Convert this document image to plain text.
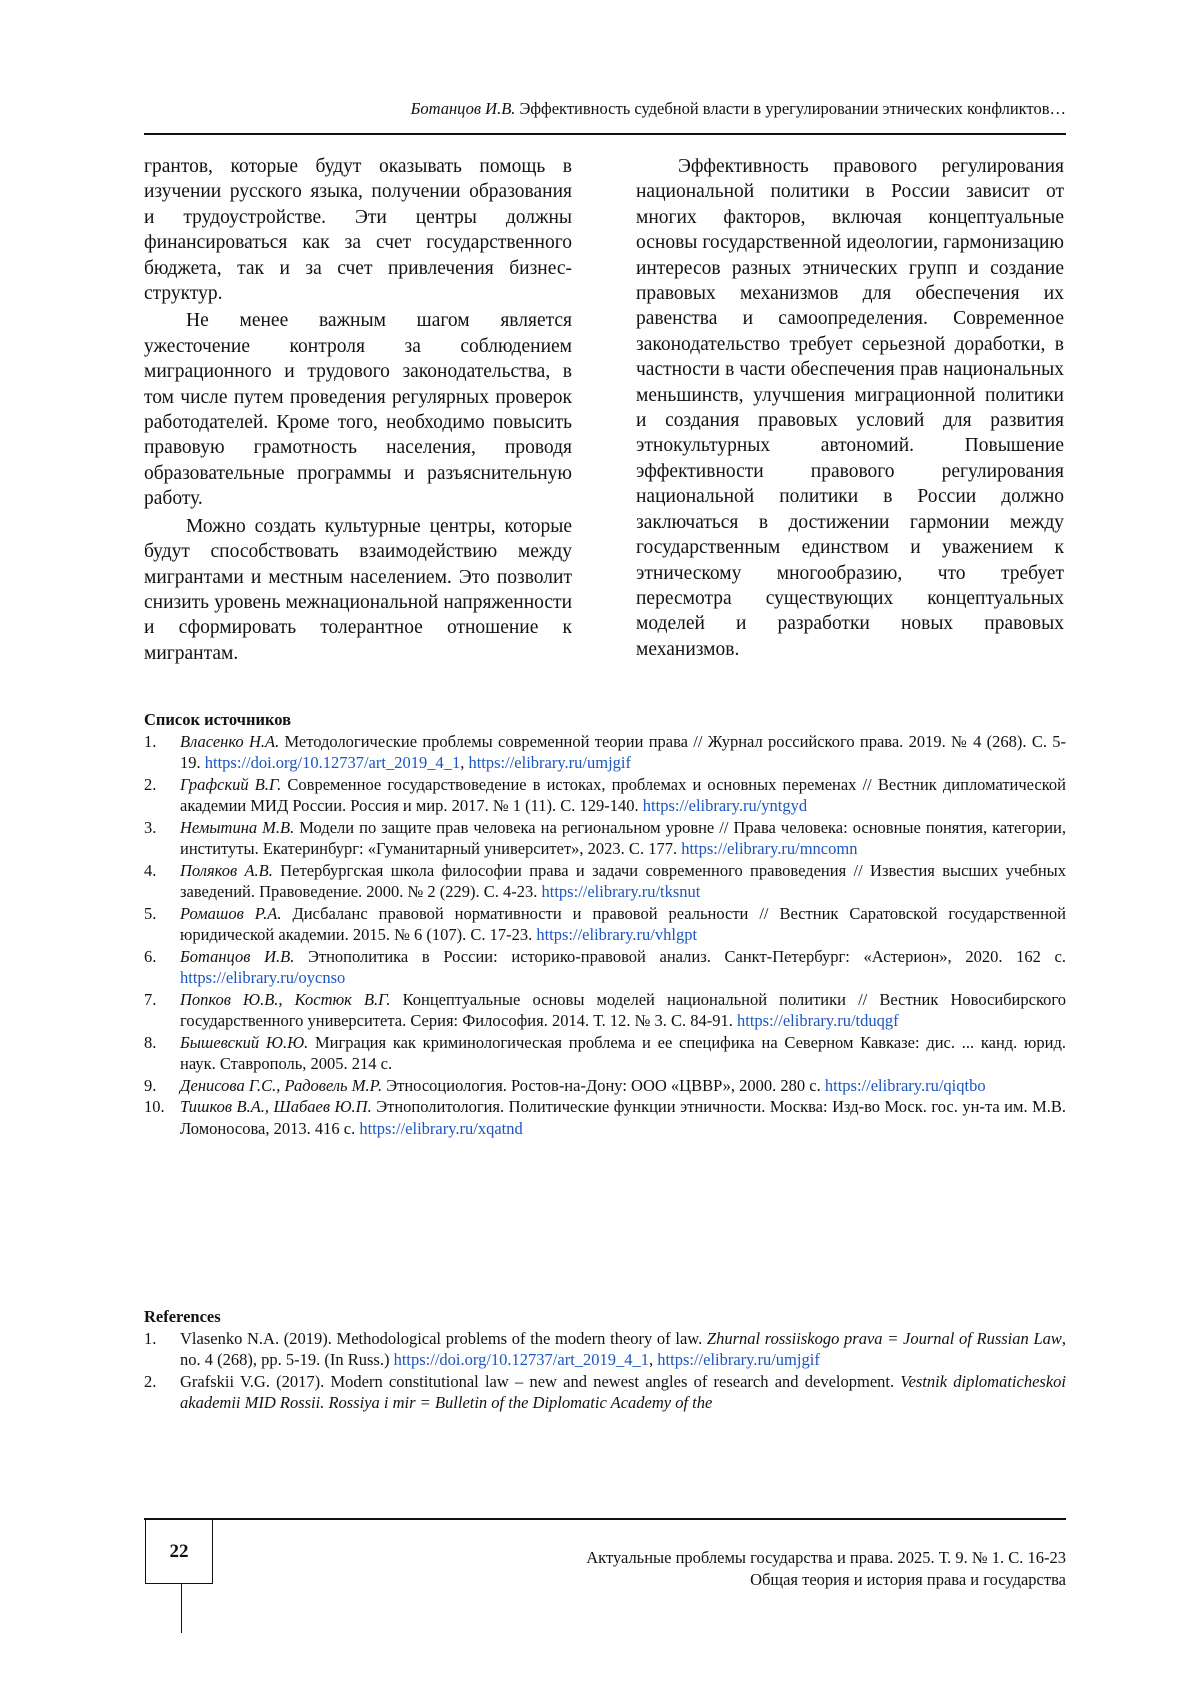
Ботанцов И.В. Эффективность судебной власти в урегулировании этнических конфликтов…

грантов, которые будут оказывать помощь в изучении русского языка, получении образования и трудоустройстве. Эти центры должны финансироваться как за счет государственного бюджета, так и за счет привлечения бизнес-структур.

Не менее важным шагом является ужесточение контроля за соблюдением миграционного и трудового законодательства, в том числе путем проведения регулярных проверок работодателей. Кроме того, необходимо повысить правовую грамотность населения, проводя образовательные программы и разъяснительную работу.

Можно создать культурные центры, которые будут способствовать взаимодействию между мигрантами и местным населением. Это позволит снизить уровень межнациональной напряженности и сформировать толерантное отношение к мигрантам.

Эффективность правового регулирования национальной политики в России зависит от многих факторов, включая концептуальные основы государственной идеологии, гармонизацию интересов разных этнических групп и создание правовых механизмов для обеспечения их равенства и самоопределения. Современное законодательство требует серьезной доработки, в частности в части обеспечения прав национальных меньшинств, улучшения миграционной политики и создания правовых условий для развития этнокультурных автономий. Повышение эффективности правового регулирования национальной политики в России должно заключаться в достижении гармонии между государственным единством и уважением к этническому многообразию, что требует пересмотра существующих концептуальных моделей и разработки новых правовых механизмов.

Список источников

1. Власенко Н.А. Методологические проблемы современной теории права // Журнал российского права. 2019. № 4 (268). С. 5-19. https://doi.org/10.12737/art_2019_4_1, https://elibrary.ru/umjgif
2. Графский В.Г. Современное государствоведение в истоках, проблемах и основных переменах // Вестник дипломатической академии МИД России. Россия и мир. 2017. № 1 (11). С. 129-140. https://elibrary.ru/yntgyd
3. Немытина М.В. Модели по защите прав человека на региональном уровне // Права человека: основные понятия, категории, институты. Екатеринбург: «Гуманитарный университет», 2023. С. 177. https://elibrary.ru/mncomn
4. Поляков А.В. Петербургская школа философии права и задачи современного правоведения // Известия высших учебных заведений. Правоведение. 2000. № 2 (229). С. 4-23. https://elibrary.ru/tksnut
5. Ромашов Р.А. Дисбаланс правовой нормативности и правовой реальности // Вестник Саратовской государственной юридической академии. 2015. № 6 (107). С. 17-23. https://elibrary.ru/vhlgpt
6. Ботанцов И.В. Этнополитика в России: историко-правовой анализ. Санкт-Петербург: «Астерион», 2020. 162 с. https://elibrary.ru/oycnso
7. Попков Ю.В., Костюк В.Г. Концептуальные основы моделей национальной политики // Вестник Новосибирского государственного университета. Серия: Философия. 2014. Т. 12. № 3. С. 84-91. https://elibrary.ru/tduqgf
8. Бышевский Ю.Ю. Миграция как криминологическая проблема и ее специфика на Северном Кавказе: дис. ... канд. юрид. наук. Ставрополь, 2005. 214 с.
9. Денисова Г.С., Радовель М.Р. Этносоциология. Ростов-на-Дону: ООО «ЦВВР», 2000. 280 с. https://elibrary.ru/qiqtbo
10. Тишков В.А., Шабаев Ю.П. Этнополитология. Политические функции этничности. Москва: Изд-во Моск. гос. ун-та им. М.В. Ломоносова, 2013. 416 с. https://elibrary.ru/xqatnd

References

1. Vlasenko N.A. (2019). Methodological problems of the modern theory of law. Zhurnal rossiiskogo prava = Journal of Russian Law, no. 4 (268), pp. 5-19. (In Russ.) https://doi.org/10.12737/art_2019_4_1, https://elibrary.ru/umjgif
2. Grafskii V.G. (2017). Modern constitutional law – new and newest angles of research and development. Vestnik diplomaticheskoi akademii MID Rossii. Rossiya i mir = Bulletin of the Diplomatic Academy of the
22	Актуальные проблемы государства и права. 2025. Т. 9. № 1. С. 16-23
Общая теория и история права и государства
